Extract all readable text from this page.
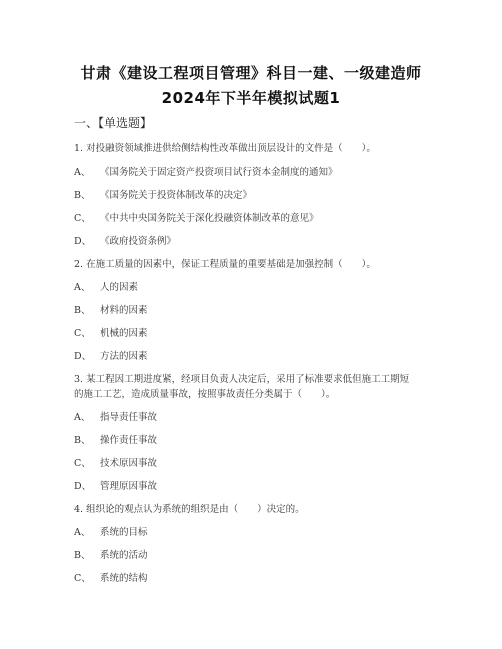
甘肃《建设工程项目管理》科目一建、一级建造师
2024年下半年模拟试题1
一、【单选题】
1. 对投融资领域推进供给侧结构性改革做出顶层设计的文件是（　　）。
A、 《国务院关于固定资产投资项目试行资本金制度的通知》
B、 《国务院关于投资体制改革的决定》
C、 《中共中央国务院关于深化投融资体制改革的意见》
D、 《政府投资条例》
2. 在施工质量的因素中，保证工程质量的重要基础是加强控制（　　）。
A、 人的因素
B、 材料的因素
C、 机械的因素
D、 方法的因素
3. 某工程因工期进度紧，经项目负责人决定后，采用了标准要求低但施工工期短
的施工工艺，造成质量事故，按照事故责任分类属于（　　）。
A、 指导责任事故
B、 操作责任事故
C、 技术原因事故
D、 管理原因事故
4. 组织论的观点认为系统的组织是由（　　）决定的。
A、 系统的目标
B、 系统的活动
C、 系统的结构
